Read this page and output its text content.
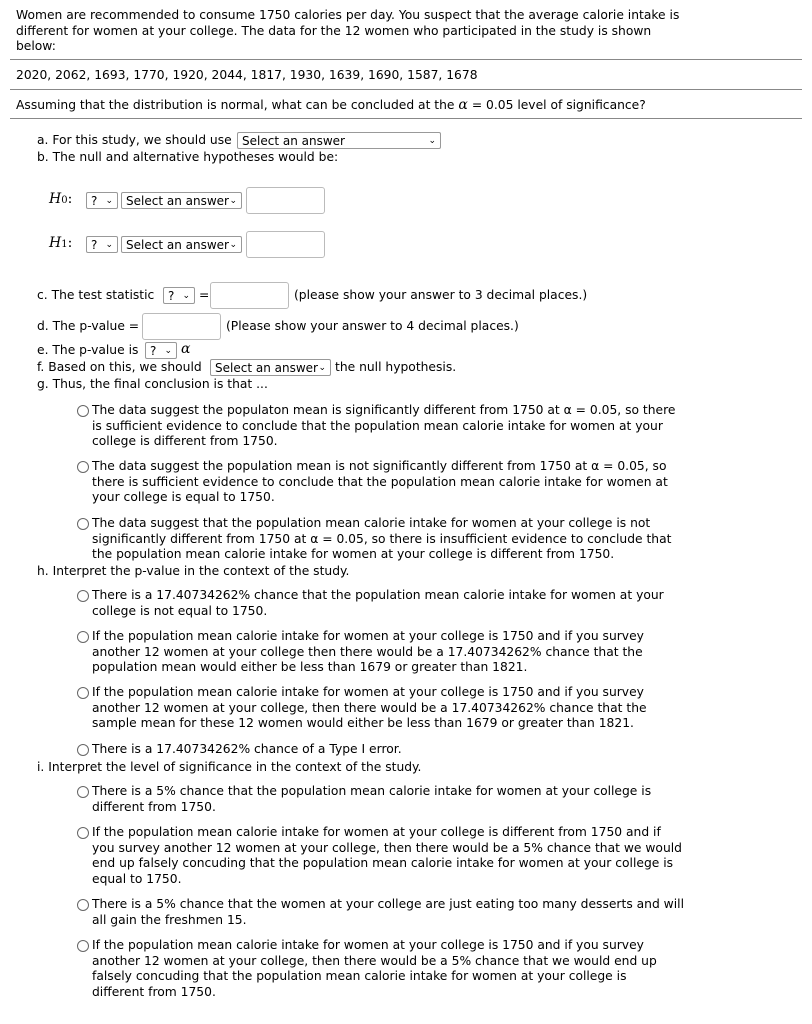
Women are recommended to consume 1750 calories per day. You suspect that the average calorie intake is
different for women at your college. The data for the 12 women who participated in the study is shown
below:
2020, 2062, 1693, 1770, 1920, 2044, 1817, 1930, 1639, 1690, 1587, 1678
Assuming that the distribution is normal, what can be concluded at the α = 0.05 level of significance?
a. For this study, we should use Select an answer	⌄
b. The null and alternative hypotheses would be:
H0:	? ⌄	Select an answer ⌄
H1:	? ⌄	Select an answer ⌄
c. The test statistic	? ⌄ =	(please show your answer to 3 decimal places.)
d. The p-value =	(Please show your answer to 4 decimal places.)
e. The p-value is ? ⌄ α
f. Based on this, we should	Select an answer ⌄ the null hypothesis.
g. Thus, the final conclusion is that ...
The data suggest the populaton mean is significantly different from 1750 at α = 0.05, so there
is sufficient evidence to conclude that the population mean calorie intake for women at your
college is different from 1750.
The data suggest the population mean is not significantly different from 1750 at α = 0.05, so
there is sufficient evidence to conclude that the population mean calorie intake for women at
your college is equal to 1750.
The data suggest that the population mean calorie intake for women at your college is not
significantly different from 1750 at α = 0.05, so there is insufficient evidence to conclude that
the population mean calorie intake for women at your college is different from 1750.
h. Interpret the p-value in the context of the study.
There is a 17.40734262% chance that the population mean calorie intake for women at your
college is not equal to 1750.
If the population mean calorie intake for women at your college is 1750 and if you survey
another 12 women at your college then there would be a 17.40734262% chance that the
population mean would either be less than 1679 or greater than 1821.
If the population mean calorie intake for women at your college is 1750 and if you survey
another 12 women at your college, then there would be a 17.40734262% chance that the
sample mean for these 12 women would either be less than 1679 or greater than 1821.
There is a 17.40734262% chance of a Type I error.
i. Interpret the level of significance in the context of the study.
There is a 5% chance that the population mean calorie intake for women at your college is
different from 1750.
If the population mean calorie intake for women at your college is different from 1750 and if
you survey another 12 women at your college, then there would be a 5% chance that we would
end up falsely concuding that the population mean calorie intake for women at your college is
equal to 1750.
There is a 5% chance that the women at your college are just eating too many desserts and will
all gain the freshmen 15.
If the population mean calorie intake for women at your college is 1750 and if you survey
another 12 women at your college, then there would be a 5% chance that we would end up
falsely concuding that the population mean calorie intake for women at your college is
different from 1750.
